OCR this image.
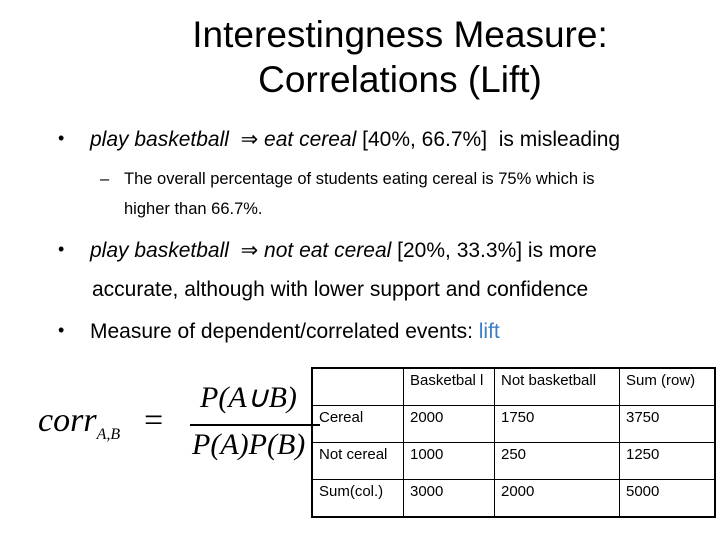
Interestingness Measure:
Correlations (Lift)
• play basketball ⇒ eat cereal [40%, 66.7%] is misleading
– The overall percentage of students eating cereal is 75% which is
higher than 66.7%.
• play basketball ⇒ not eat cereal [20%, 33.3%] is more
accurate, although with lower support and confidence
• Measure of dependent/correlated events: lift
corr$_{A,B}$ =
P(A∪B)
P(A)P(B)
	Basketbal l	Not basketball	Sum (row)
Cereal	2000	1750	3750
Not cereal	1000	250	1250
Sum(col.)	3000	2000	5000
